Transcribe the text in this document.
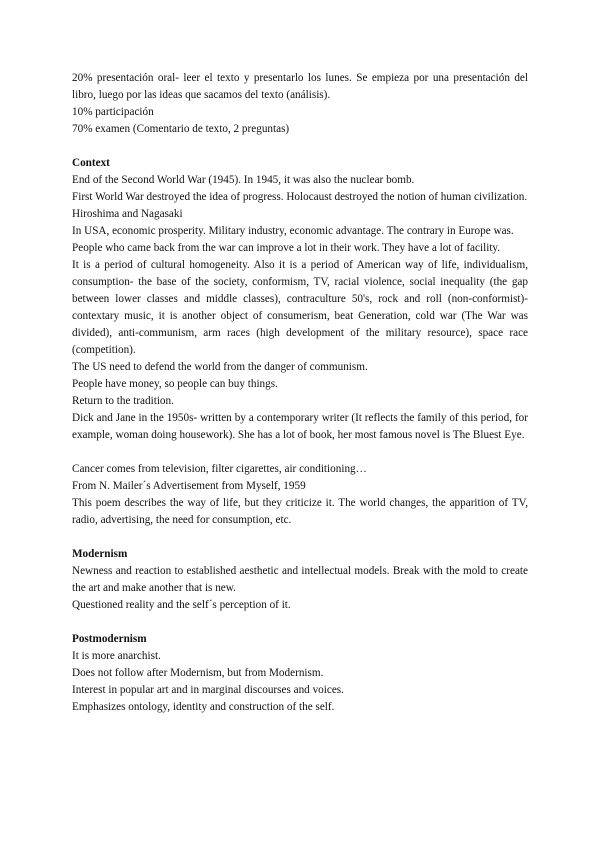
20% presentación oral- leer el texto y presentarlo los lunes. Se empieza por una presentación del libro, luego por las ideas que sacamos del texto (análisis).

10% participación

70% examen (Comentario de texto, 2 preguntas)

Context

End of the Second World War (1945). In 1945, it was also the nuclear bomb.

First World War destroyed the idea of progress. Holocaust destroyed the notion of human civilization.

Hiroshima and Nagasaki

In USA, economic prosperity. Military industry, economic advantage. The contrary in Europe was.

People who came back from the war can improve a lot in their work. They have a lot of facility.

It is a period of cultural homogeneity. Also it is a period of American way of life, individualism, consumption- the base of the society, conformism, TV, racial violence, social inequality (the gap between lower classes and middle classes), contraculture 50's, rock and roll (non-conformist)- contextary music, it is another object of consumerism, beat Generation, cold war (The War was divided), anti-communism, arm races (high development of the military resource), space race (competition).

The US need to defend the world from the danger of communism.

People have money, so people can buy things.

Return to the tradition.

Dick and Jane in the 1950s- written by a contemporary writer (It reflects the family of this period, for example, woman doing housework). She has a lot of book, her most famous novel is The Bluest Eye.

Cancer comes from television, filter cigarettes, air conditioning…

From N. Mailer´s Advertisement from Myself, 1959

This poem describes the way of life, but they criticize it. The world changes, the apparition of TV, radio, advertising, the need for consumption, etc.

Modernism

Newness and reaction to established aesthetic and intellectual models. Break with the mold to create the art and make another that is new.

Questioned reality and the self´s perception of it.

Postmodernism

It is more anarchist.

Does not follow after Modernism, but from Modernism.

Interest in popular art and in marginal discourses and voices.

Emphasizes ontology, identity and construction of the self.
